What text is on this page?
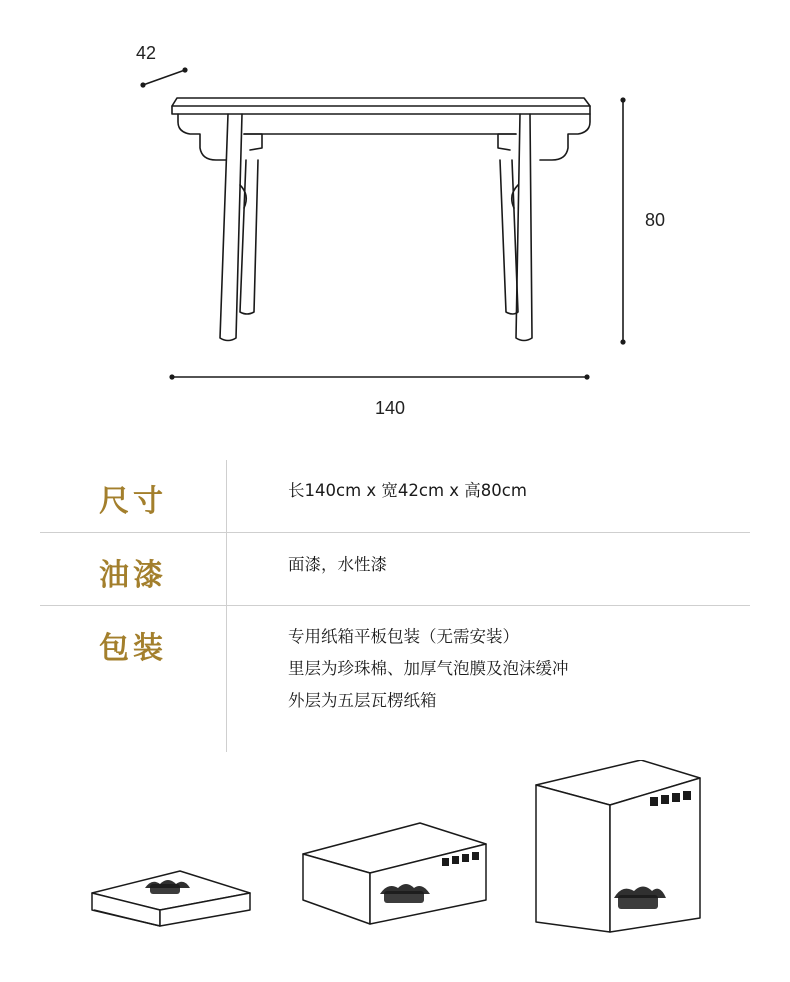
42
80
140
尺寸	长140cm x 宽42cm x 高80cm
油漆	面漆，水性漆
包装	专用纸箱平板包装（无需安装）
里层为珍珠棉、加厚气泡膜及泡沫缓冲
外层为五层瓦楞纸箱
